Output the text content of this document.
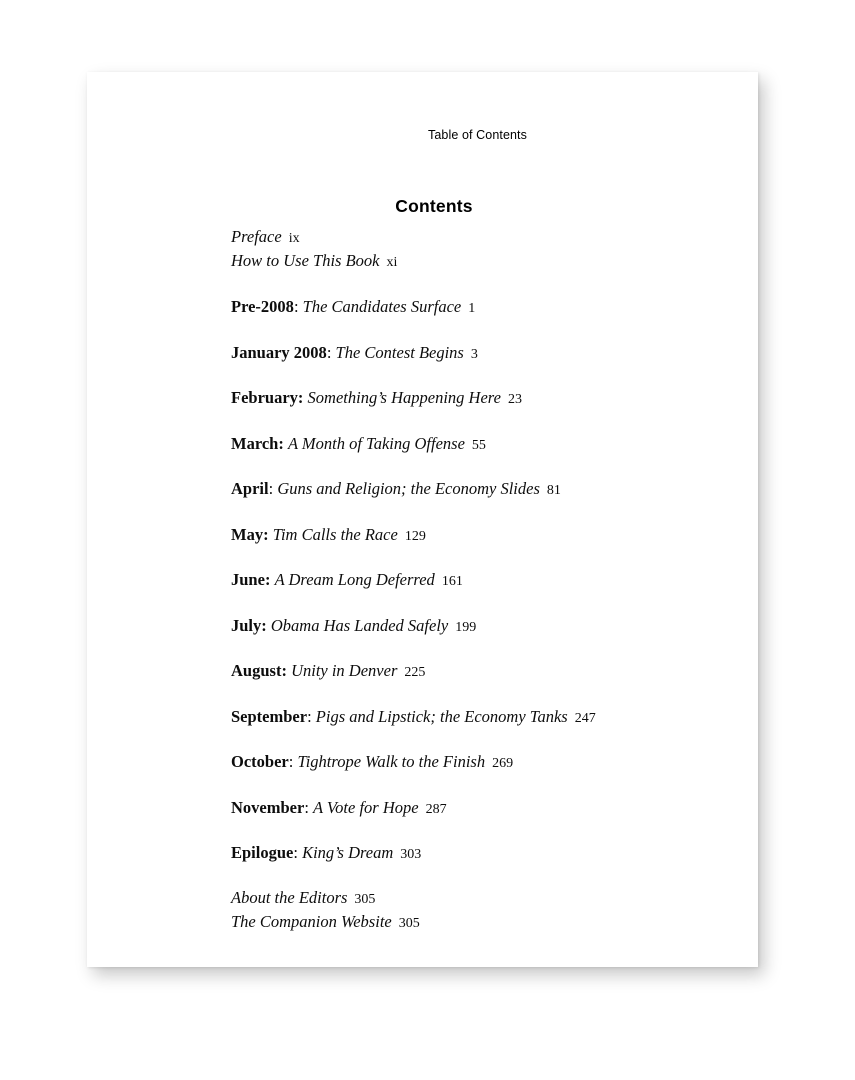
Table of Contents
Contents
Preface ix
How to Use This Book xi
Pre-2008: The Candidates Surface 1
January 2008: The Contest Begins 3
February: Something’s Happening Here 23
March: A Month of Taking Offense 55
April: Guns and Religion; the Economy Slides 81
May: Tim Calls the Race 129
June: A Dream Long Deferred 161
July: Obama Has Landed Safely 199
August: Unity in Denver 225
September: Pigs and Lipstick; the Economy Tanks 247
October: Tightrope Walk to the Finish 269
November: A Vote for Hope 287
Epilogue: King’s Dream 303
About the Editors 305
The Companion Website 305
